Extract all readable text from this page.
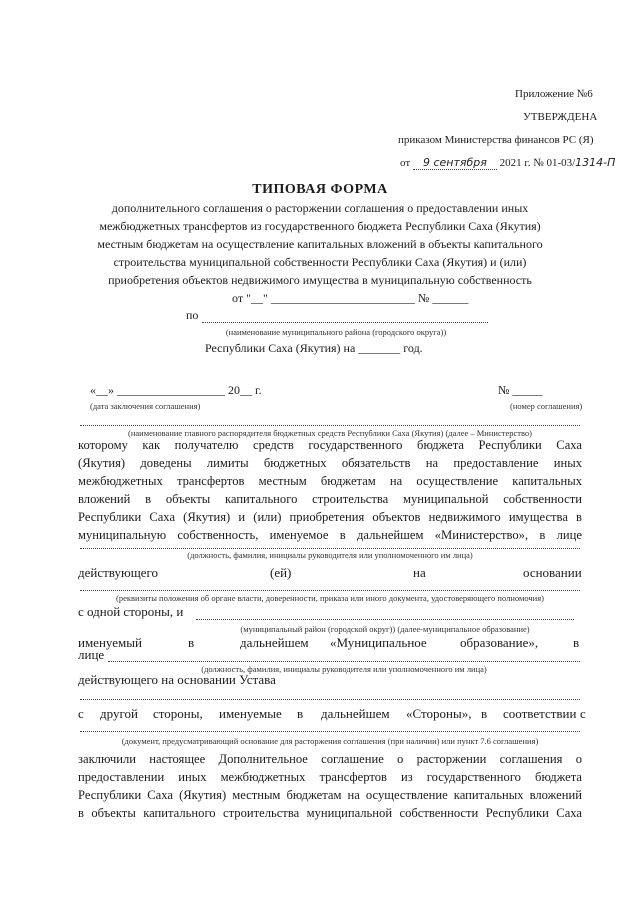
Приложение №6
УТВЕРЖДЕНА
приказом Министерства финансов РС (Я)
от 9 сентября 2021 г. № 01-03/1314-П
ТИПОВАЯ ФОРМА
дополнительного соглашения о расторжении соглашения о предоставлении иных
межбюджетных трансфертов из государственного бюджета Республики Саха (Якутия)
местным бюджетам на осуществление капитальных вложений в объекты капитального
строительства муниципальной собственности Республики Саха (Якутия) и (или)
приобретения объектов недвижимого имущества в муниципальную собственность
от "__" ________________________ № ______
по
(наименование муниципального района (городского округа))
Республики Саха (Якутия) на _______ год.
«__» __________________ 20__ г.
(дата заключения соглашения)
№ _____
(номер соглашения)
(наименование главного распорядителя бюджетных средств Республики Саха (Якутия) (далее – Министерство)
которому как получателю средств государственного бюджета Республики Саха
(Якутия) доведены лимиты бюджетных обязательств на предоставление иных
межбюджетных трансфертов местным бюджетам на осуществление капитальных
вложений в объекты капитального строительства муниципальной собственности
Республики Саха (Якутия) и (или) приобретения объектов недвижимого имущества в
муниципальную собственность, именуемое в дальнейшем «Министерство», в лице
(должность, фамилия, инициалы руководителя или уполномоченного им лица)
действующего	(ей)	на	основании
(реквизиты положения об органе власти, доверенности, приказа или иного документа, удостоверяющего полномочия)
с одной стороны, и
(муниципальный район (городской округ)) (далее-муниципальное образование)
именуемый	в	дальнейшем «Муниципальное	образование»,	в
лице
(должность, фамилия, инициалы руководителя или уполномоченного им лица)
действующего на основании Устава
с другой стороны, именуемые в дальнейшем «Стороны», в соответствии с
(документ, предусматривающий основание для расторжения соглашения (при наличии) или пункт 7.6 соглашения)
заключили настоящее Дополнительное соглашение о расторжении соглашения о
предоставлении иных межбюджетных трансфертов из государственного бюджета
Республики Саха (Якутия) местным бюджетам на осуществление капитальных вложений
в объекты капитального строительства муниципальной собственности Республики Саха
